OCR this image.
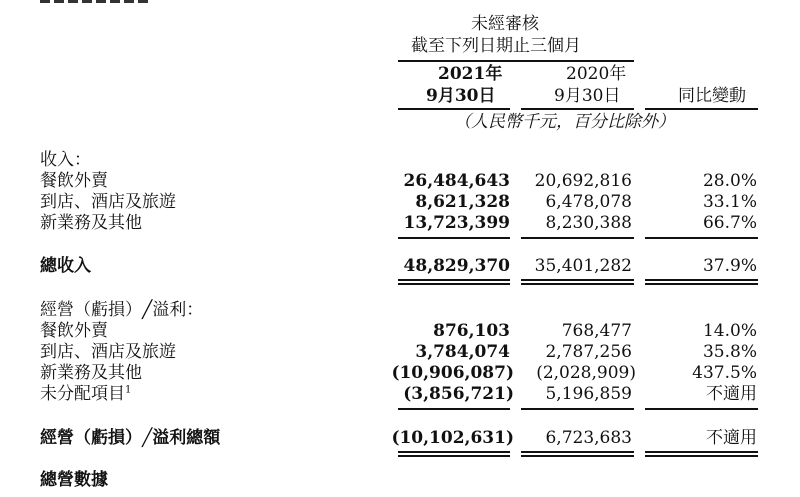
未經審核
截至下列日期止三個月
2021年
9月30日
2020年
9月30日	同比變動
（人民幣千元，百分比除外）
收入：
餐飲外賣	26,484,643 20,692,816	28.0%
到店、酒店及旅遊	8,621,328 6,478,078	33.1%
新業務及其他	13,723,399 8,230,388	66.7%
總收入	48,829,370 35,401,282	37.9%
經營（虧損）╱溢利：
餐飲外賣	876,103	768,477	14.0%
到店、酒店及旅遊	3,784,074 2,787,256	35.8%
新業務及其他	(10,906,087) (2,028,909)	437.5%
未分配項目$^1$	(3,856,721) 5,196,859	不適用
經營（虧損）╱溢利總額	(10,102,631) 6,723,683	不適用
總營數據
